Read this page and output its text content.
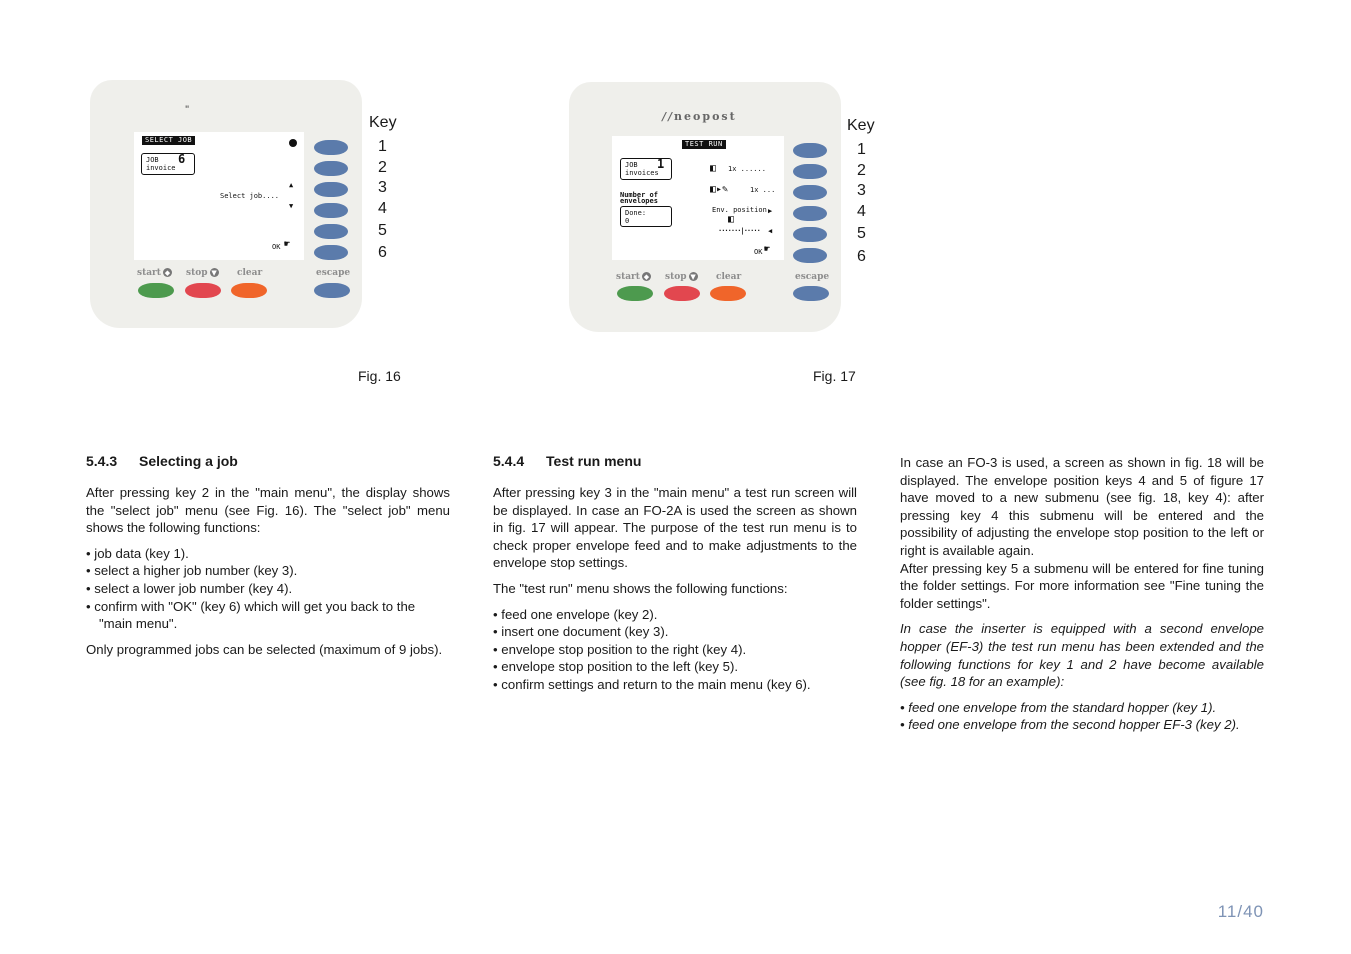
"
SELECT JOB
JOB 6

invoice
▲
Select job....
▼
OK ☛
start ◆ stop ▼ clear	escape
Key
1
2
3
4
5
6
Fig. 16
//neopost
TEST RUN
JOB 1

invoices
Number of
envelopes
Done:
0
◧ 1x ......
◧▸✎	1x ...
Env. position ▶
◧
·······|····· ◀
OK ☛
start ◆ stop ▼ clear	escape
Key
1
2
3
4
5
6
Fig. 17
5.4.3 Selecting a job

After pressing key 2 in the "main menu", the display shows the "select job" menu (see Fig. 16). The "select job" menu shows the following functions:

• job data (key 1).
• select a higher job number (key 3).
• select a lower job number (key 4).
• confirm with "OK" (key 6) which will get you back to the "main menu".

Only programmed jobs can be selected (maximum of 9 jobs).

5.4.4 Test run menu

After pressing key 3 in the "main menu" a test run screen will be displayed. In case an FO-2A is used the screen as shown in fig. 17 will appear. The purpose of the test run menu is to check proper envelope feed and to make adjustments to the envelope stop settings.

The "test run" menu shows the following functions:

• feed one envelope (key 2).
• insert one document (key 3).
• envelope stop position to the right (key 4).
• envelope stop position to the left (key 5).
• confirm settings and return to the main menu (key 6).

In case an FO-3 is used, a screen as shown in fig. 18 will be displayed. The envelope position keys 4 and 5 of figure 17 have moved to a new submenu (see fig. 18, key 4): after pressing key 4 this submenu will be entered and the possibility of adjusting the envelope stop position to the left or right is available again.

After pressing key 5 a submenu will be entered for fine tuning the folder settings. For more information see "Fine tuning the folder settings".

In case the inserter is equipped with a second envelope hopper (EF-3) the test run menu has been extended and the following functions for key 1 and 2 have become available (see fig. 18 for an example):

• feed one envelope from the standard hopper (key 1).
• feed one envelope from the second hopper EF-3 (key 2).
11/40
